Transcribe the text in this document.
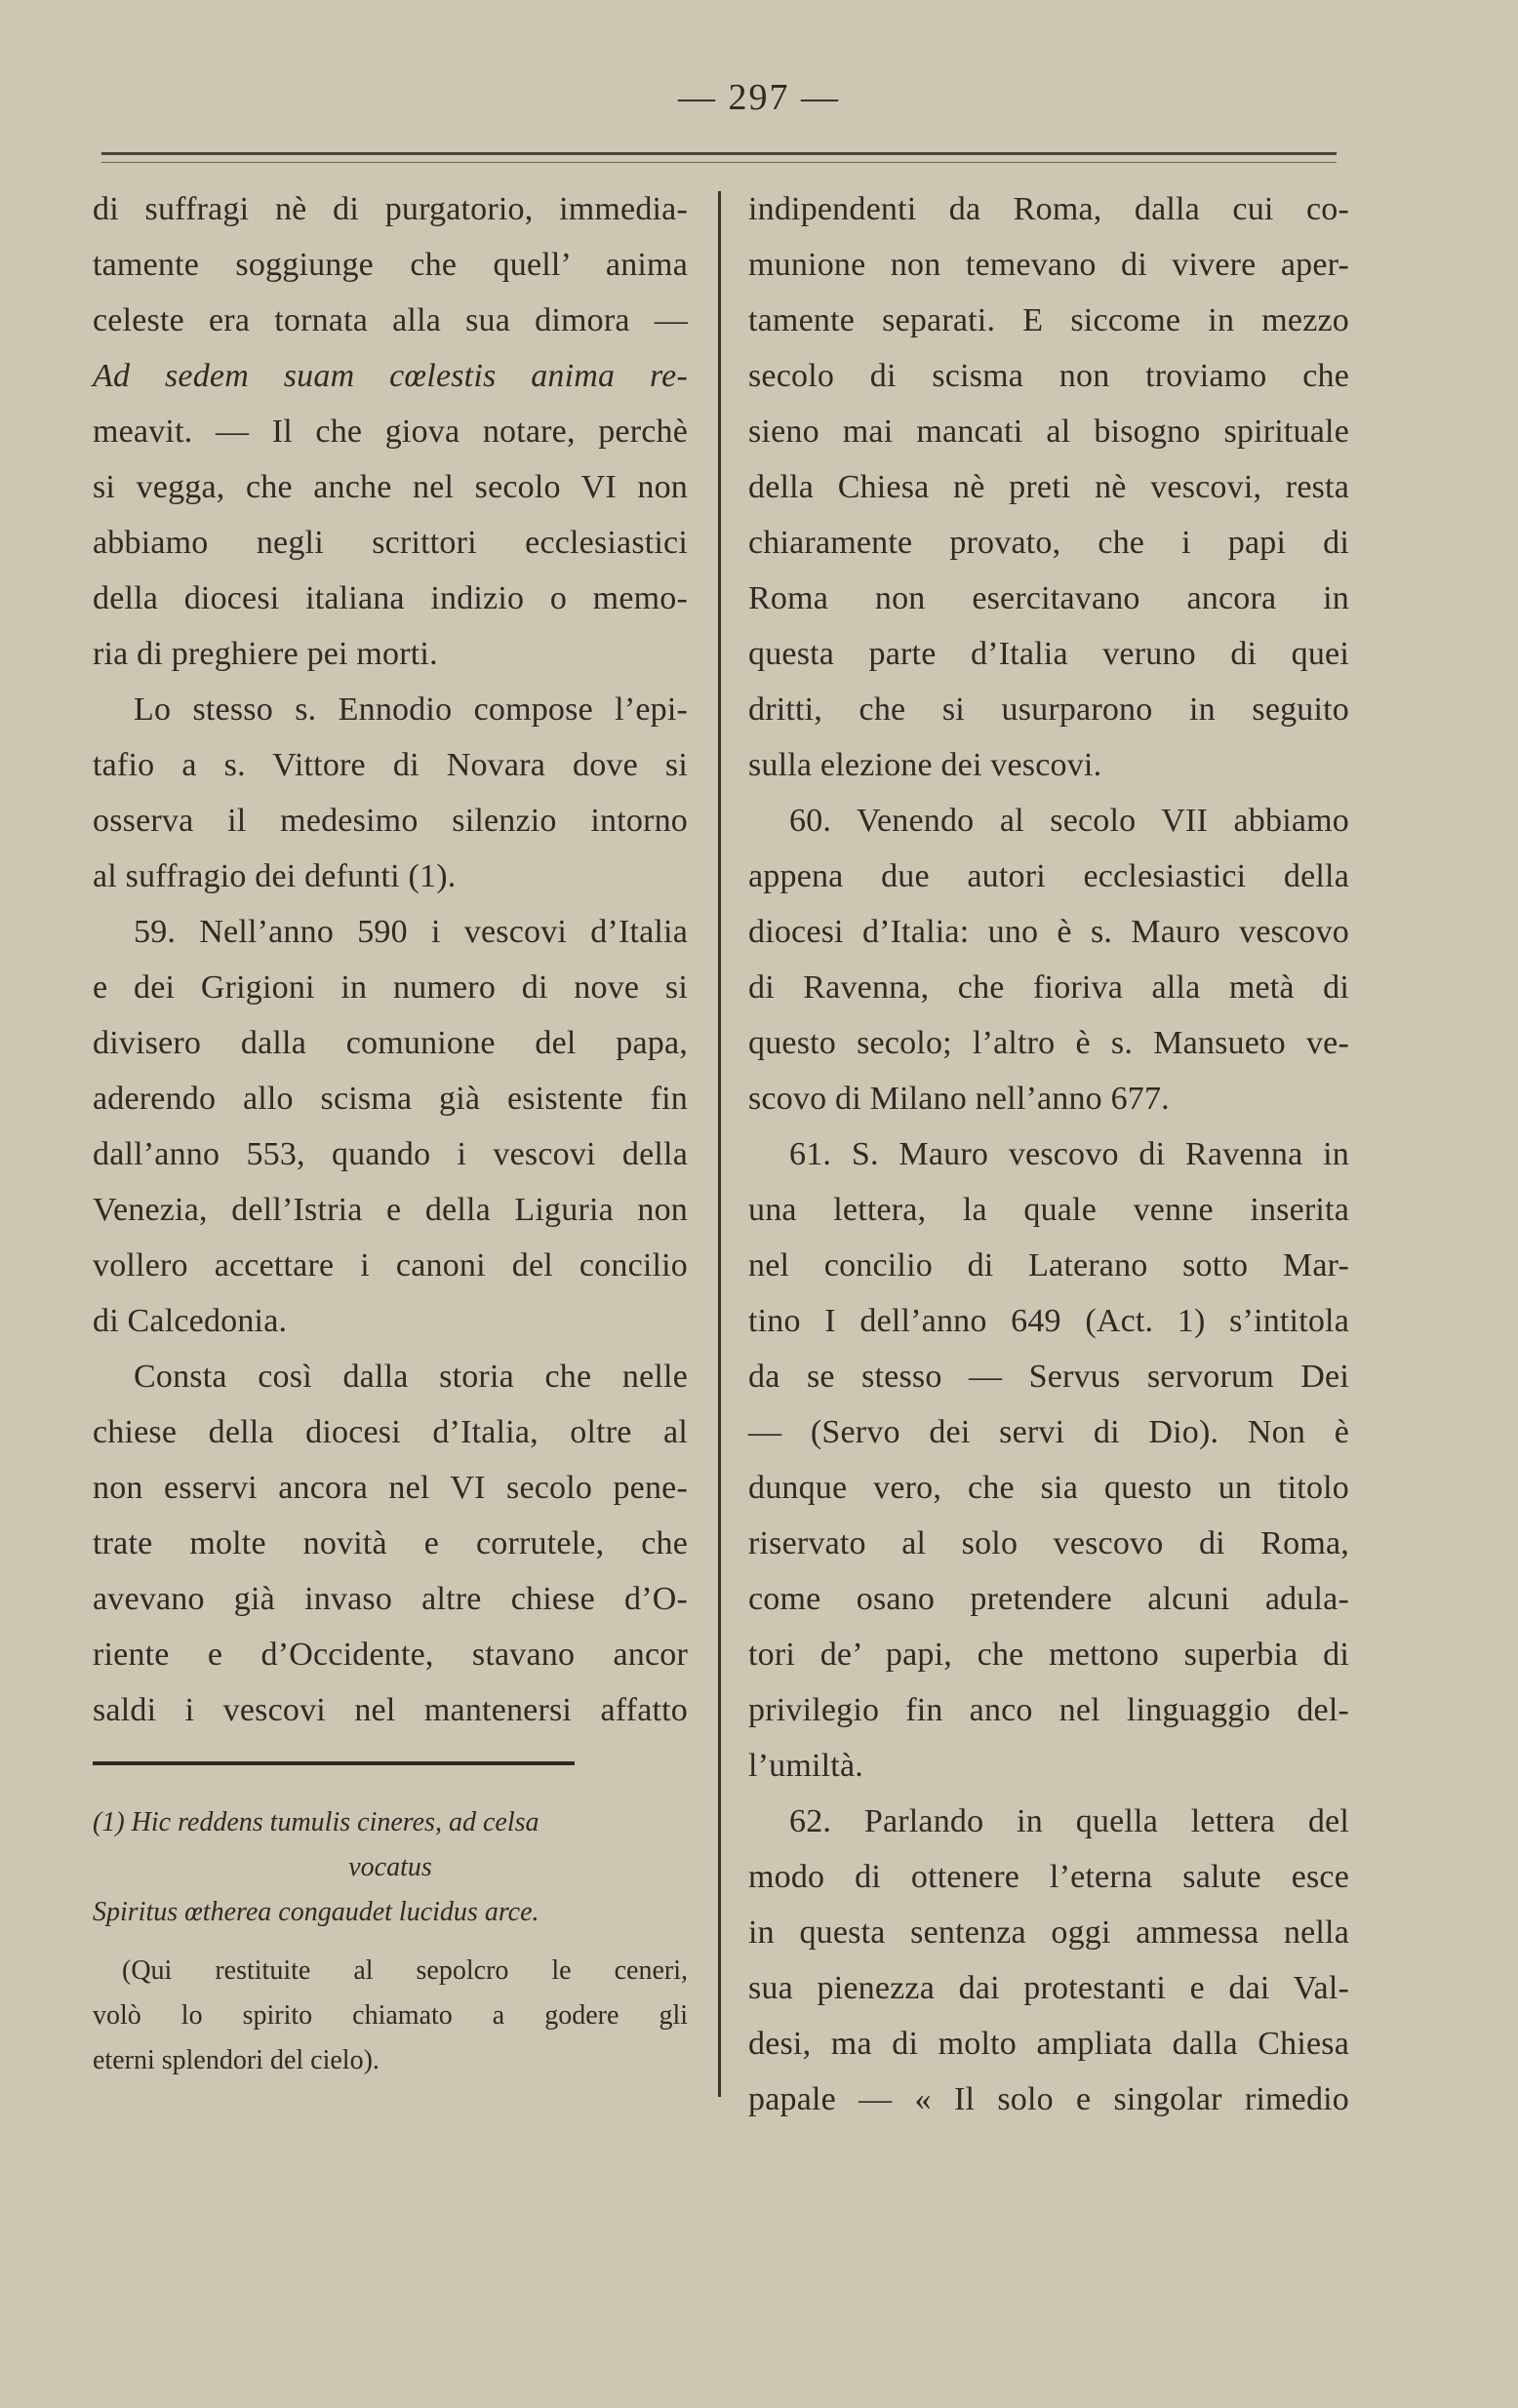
— 297 —
di suffragi nè di purgatorio, immedia-
tamente soggiunge che quell’ anima
celeste era tornata alla sua dimora —
Ad sedem suam cœlestis anima re-
meavit. — Il che giova notare, perchè
si vegga, che anche nel secolo VI non
abbiamo negli scrittori ecclesiastici
della diocesi italiana indizio o memo-
ria di preghiere pei morti.
Lo stesso s. Ennodio compose l’epi-
tafio a s. Vittore di Novara dove si
osserva il medesimo silenzio intorno
al suffragio dei defunti (1).
59. Nell’anno 590 i vescovi d’Italia
e dei Grigioni in numero di nove si
divisero dalla comunione del papa,
aderendo allo scisma già esistente fin
dall’anno 553, quando i vescovi della
Venezia, dell’Istria e della Liguria non
vollero accettare i canoni del concilio
di Calcedonia.
Consta così dalla storia che nelle
chiese della diocesi d’Italia, oltre al
non esservi ancora nel VI secolo pene-
trate molte novità e corrutele, che
avevano già invaso altre chiese d’O-
riente e d’Occidente, stavano ancor
saldi i vescovi nel mantenersi affatto
indipendenti da Roma, dalla cui co-
munione non temevano di vivere aper-
tamente separati. E siccome in mezzo
secolo di scisma non troviamo che
sieno mai mancati al bisogno spirituale
della Chiesa nè preti nè vescovi, resta
chiaramente provato, che i papi di
Roma non esercitavano ancora in
questa parte d’Italia veruno di quei
dritti, che si usurparono in seguito
sulla elezione dei vescovi.
60. Venendo al secolo VII abbiamo
appena due autori ecclesiastici della
diocesi d’Italia: uno è s. Mauro vescovo
di Ravenna, che fioriva alla metà di
questo secolo; l’altro è s. Mansueto ve-
scovo di Milano nell’anno 677.
61. S. Mauro vescovo di Ravenna in
una lettera, la quale venne inserita
nel concilio di Laterano sotto Mar-
tino I dell’anno 649 (Act. 1) s’intitola
da se stesso — Servus servorum Dei
— (Servo dei servi di Dio). Non è
dunque vero, che sia questo un titolo
riservato al solo vescovo di Roma,
come osano pretendere alcuni adula-
tori de’ papi, che mettono superbia di
privilegio fin anco nel linguaggio del-
l’umiltà.
62. Parlando in quella lettera del
modo di ottenere l’eterna salute esce
in questa sentenza oggi ammessa nella
sua pienezza dai protestanti e dai Val-
desi, ma di molto ampliata dalla Chiesa
papale — « Il solo e singolar rimedio
(1) Hic reddens tumulis cineres, ad celsa
vocatus
Spiritus œtherea congaudet lucidus arce.
(Qui restituite al sepolcro le ceneri,
volò lo spirito chiamato a godere gli
eterni splendori del cielo).
